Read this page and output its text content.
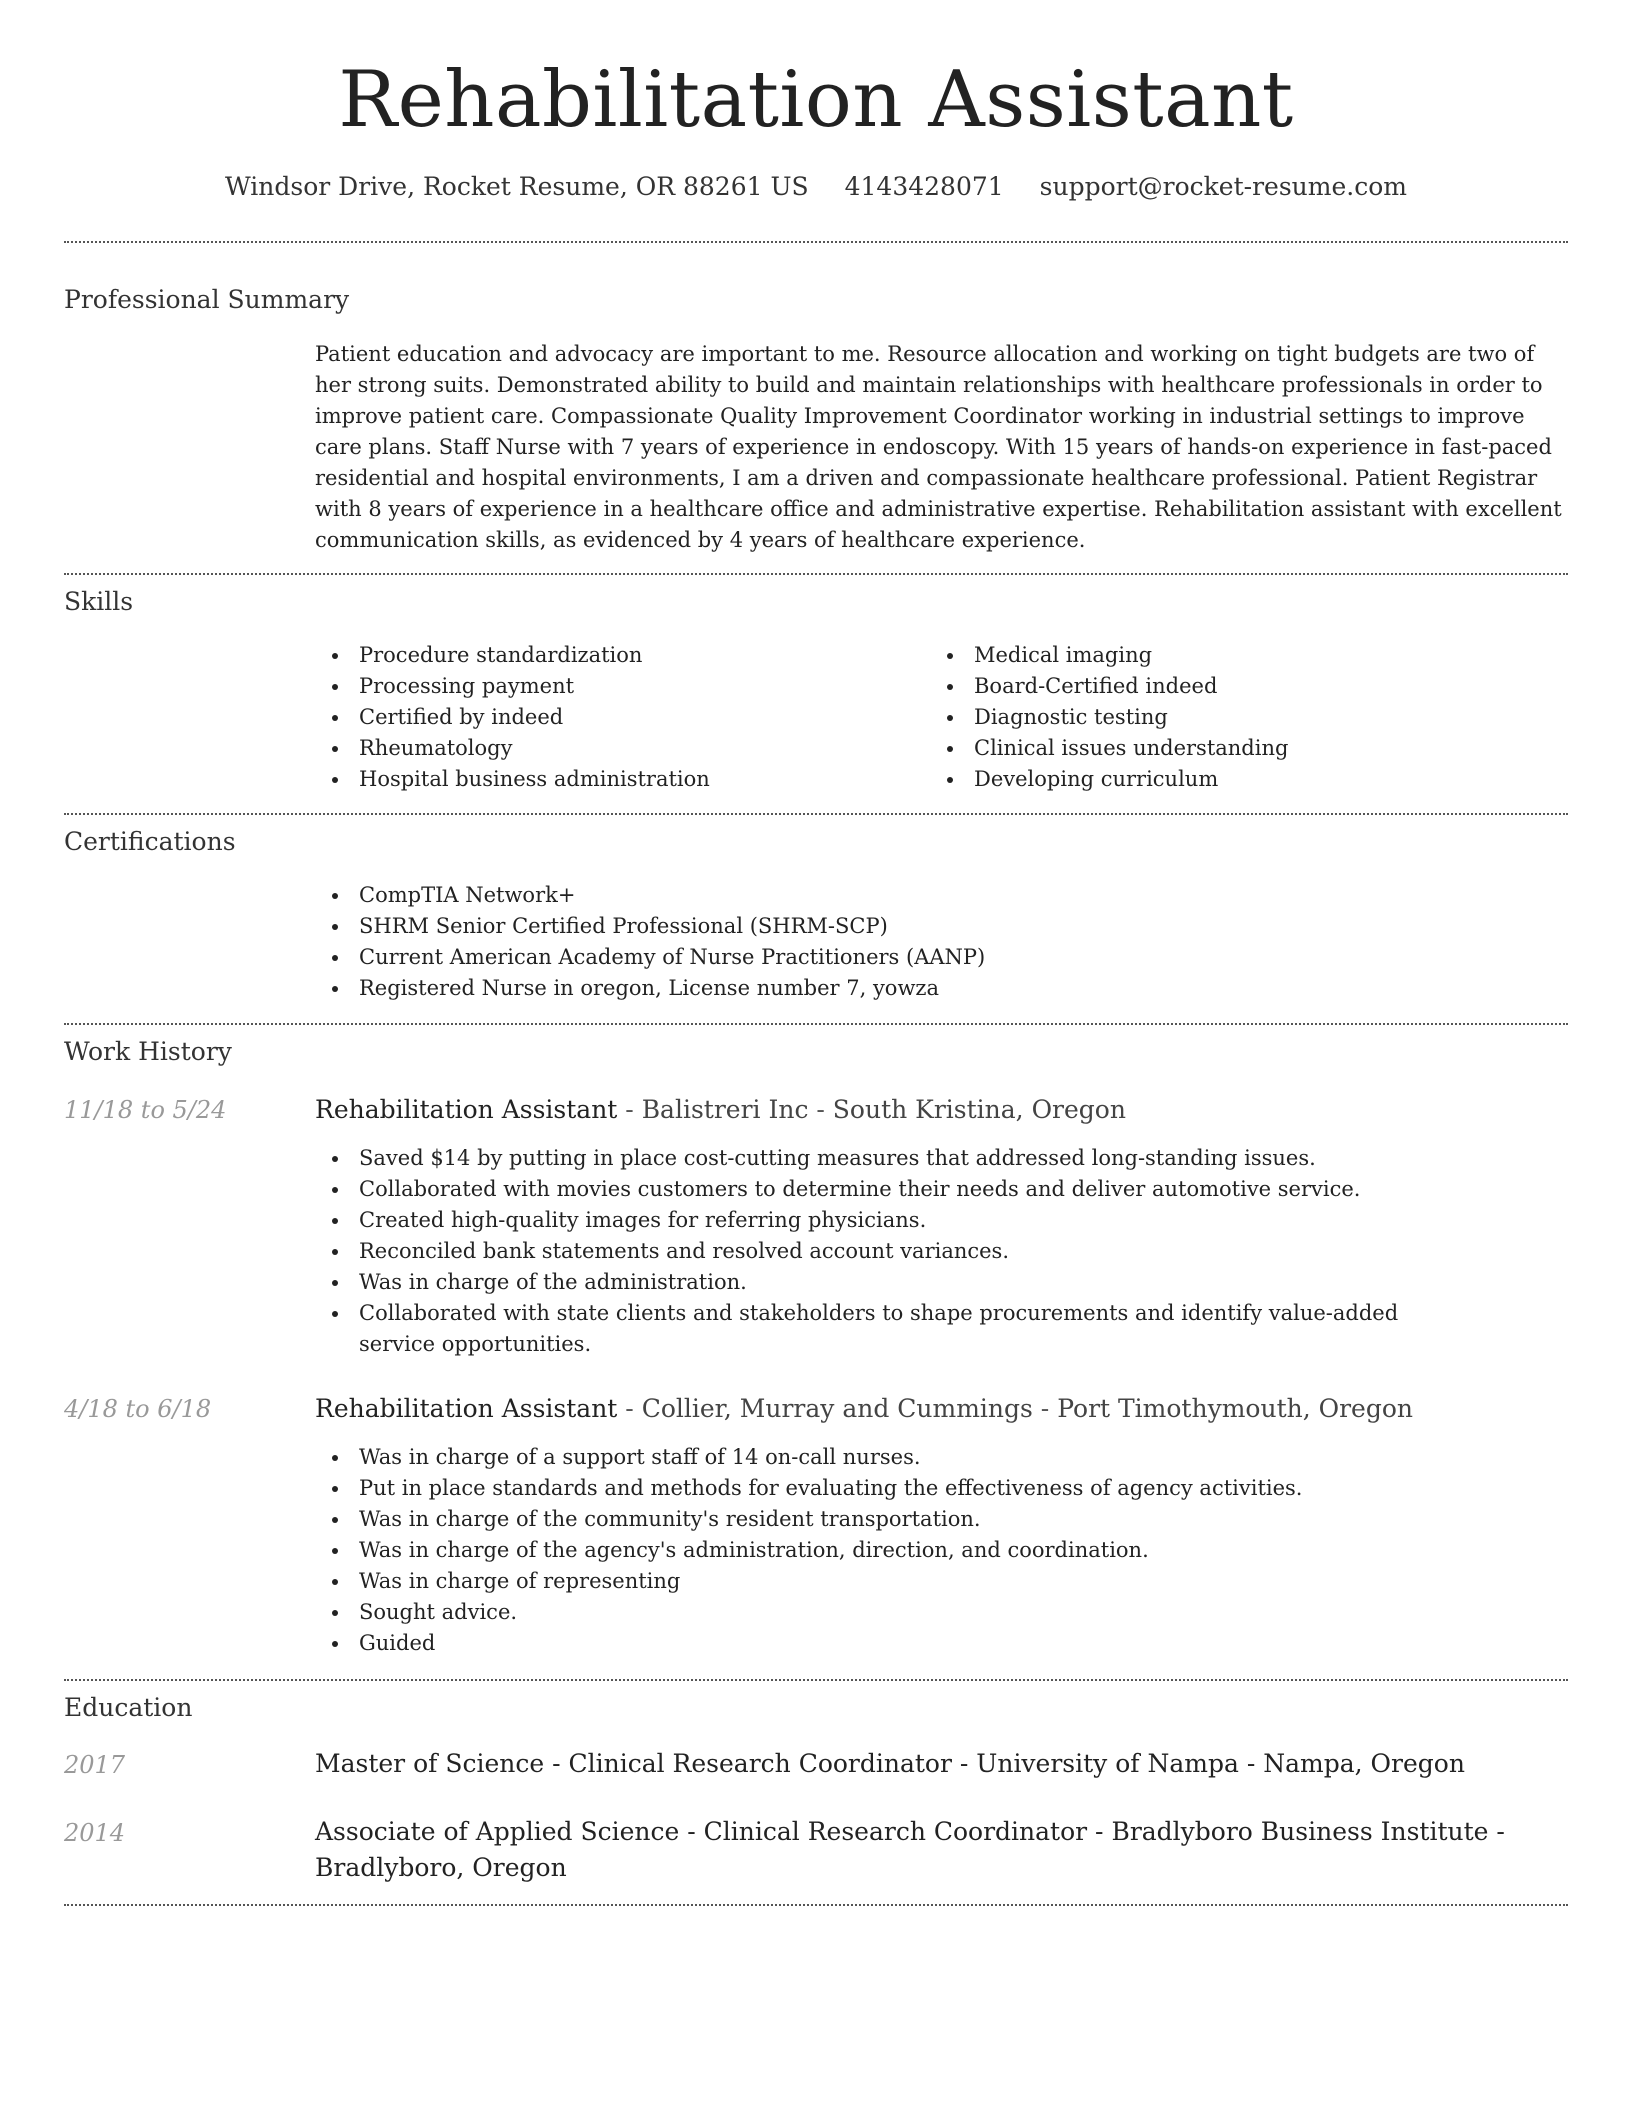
Rehabilitation Assistant
Windsor Drive, Rocket Resume, OR 88261 US 4143428071 support@rocket-resume.com
Professional Summary
Patient education and advocacy are important to me. Resource allocation and working on tight budgets are two of her strong suits. Demonstrated ability to build and maintain relationships with healthcare professionals in order to improve patient care. Compassionate Quality Improvement Coordinator working in industrial settings to improve care plans. Staff Nurse with 7 years of experience in endoscopy. With 15 years of hands-on experience in fast-paced residential and hospital environments, I am a driven and compassionate healthcare professional. Patient Registrar with 8 years of experience in a healthcare office and administrative expertise. Rehabilitation assistant with excellent communication skills, as evidenced by 4 years of healthcare experience.
Skills
Procedure standardization
Processing payment
Certified by indeed
Rheumatology
Hospital business administration
Medical imaging
Board-Certified indeed
Diagnostic testing
Clinical issues understanding
Developing curriculum
Certifications
CompTIA Network+
SHRM Senior Certified Professional (SHRM-SCP)
Current American Academy of Nurse Practitioners (AANP)
Registered Nurse in oregon, License number 7, yowza
Work History
11/18 to 5/24	Rehabilitation Assistant - Balistreri Inc - South Kristina, Oregon
Saved $14 by putting in place cost-cutting measures that addressed long-standing issues.
Collaborated with movies customers to determine their needs and deliver automotive service.
Created high-quality images for referring physicians.
Reconciled bank statements and resolved account variances.
Was in charge of the administration.
Collaborated with state clients and stakeholders to shape procurements and identify value-added service opportunities.
4/18 to 6/18	Rehabilitation Assistant - Collier, Murray and Cummings - Port Timothymouth, Oregon
Was in charge of a support staff of 14 on-call nurses.
Put in place standards and methods for evaluating the effectiveness of agency activities.
Was in charge of the community's resident transportation.
Was in charge of the agency's administration, direction, and coordination.
Was in charge of representing
Sought advice.
Guided
Education
2017	Master of Science - Clinical Research Coordinator - University of Nampa - Nampa, Oregon
2014	Associate of Applied Science - Clinical Research Coordinator - Bradlyboro Business Institute -
Bradlyboro, Oregon
